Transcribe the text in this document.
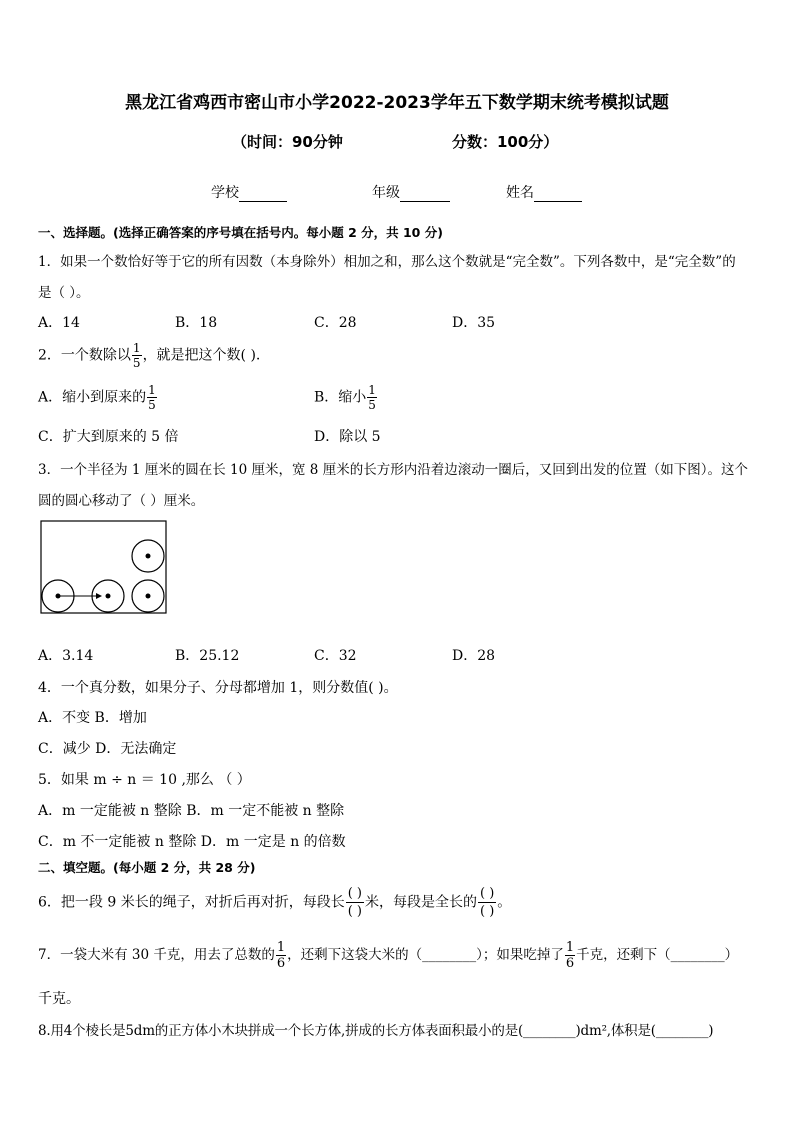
黑龙江省鸡西市密山市小学2022-2023学年五下数学期末统考模拟试题
（时间：90分钟	分数：100分）
学校	年级	姓名
一、选择题。(选择正确答案的序号填在括号内。每小题 2 分，共 10 分)
1．如果一个数恰好等于它的所有因数（本身除外）相加之和，那么这个数就是“完全数”。下列各数中，是“完全数”的
是（ ）。
A．14	B．18	C．28	D．35
2．一个数除以 $\frac{1}{5}$ ，就是把这个数( ).
A．缩小到原来的 $\frac{1}{5}$	B．缩小 $\frac{1}{5}$
C．扩大到原来的 5 倍	D．除以 5
3．一个半径为 1 厘米的圆在长 10 厘米，宽 8 厘米的长方形内沿着边滚动一圈后，又回到出发的位置（如下图）。这个
圆的圆心移动了（ ）厘米。
A．3.14	B．25.12	C．32	D．28
4．一个真分数，如果分子、分母都增加 1，则分数值( )。
A．不变 B．增加
C．减少 D．无法确定
5．如果 m ÷ n ＝ 10 ,那么 （ ）
A．m 一定能被 n 整除 B．m 一定不能被 n 整除
C．m 不一定能被 n 整除 D．m 一定是 n 的倍数
二、填空题。(每小题 2 分，共 28 分)
6．把一段 9 米长的绳子，对折后再对折，每段长 $\frac{( )}{( )}$ 米，每段是全长的 $\frac{( )}{( )}$ 。
7．一袋大米有 30 千克，用去了总数的 $\frac{1}{6}$ ，还剩下这袋大米的（________）；如果吃掉了 $\frac{1}{6}$ 千克，还剩下（________）
千克。
8.用4个棱长是5dm的正方体小木块拼成一个长方体,拼成的长方体表面积最小的是(________)dm²,体积是(________)
